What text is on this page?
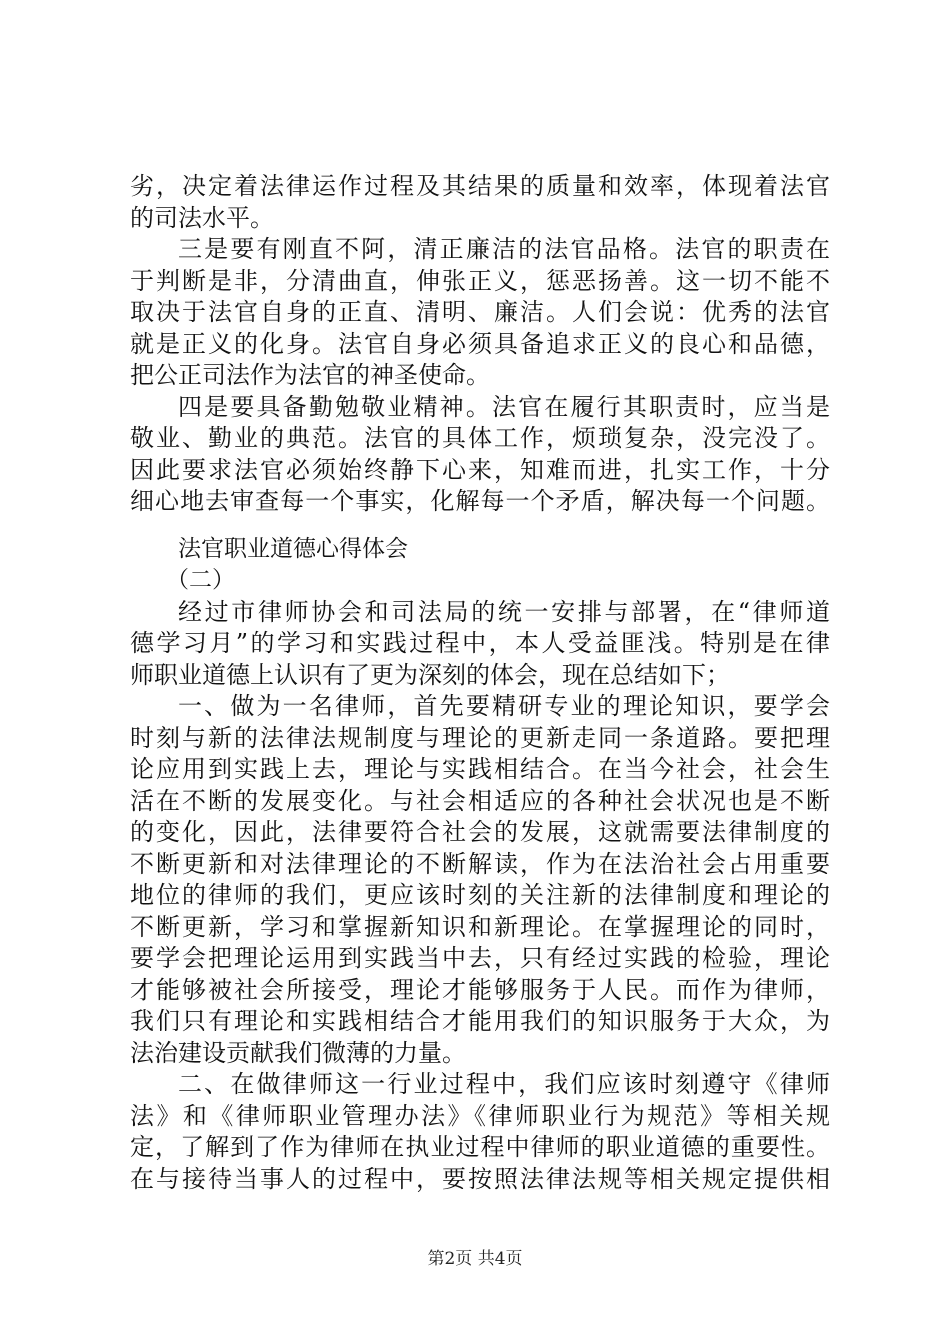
劣，决定着法律运作过程及其结果的质量和效率，体现着法官
的司法水平。
三是要有刚直不阿，清正廉洁的法官品格。法官的职责在
于判断是非，分清曲直，伸张正义，惩恶扬善。这一切不能不
取决于法官自身的正直、清明、廉洁。人们会说：优秀的法官
就是正义的化身。法官自身必须具备追求正义的良心和品德，
把公正司法作为法官的神圣使命。
四是要具备勤勉敬业精神。法官在履行其职责时，应当是
敬业、勤业的典范。法官的具体工作，烦琐复杂，没完没了。
因此要求法官必须始终静下心来，知难而进，扎实工作，十分
细心地去审查每一个事实，化解每一个矛盾，解决每一个问题。
法官职业道德心得体会
（二）
经过市律师协会和司法局的统一安排与部署，在“律师道
德学习月”的学习和实践过程中，本人受益匪浅。特别是在律
师职业道德上认识有了更为深刻的体会，现在总结如下；
一、做为一名律师，首先要精研专业的理论知识，要学会
时刻与新的法律法规制度与理论的更新走同一条道路。要把理
论应用到实践上去，理论与实践相结合。在当今社会，社会生
活在不断的发展变化。与社会相适应的各种社会状况也是不断
的变化，因此，法律要符合社会的发展，这就需要法律制度的
不断更新和对法律理论的不断解读，作为在法治社会占用重要
地位的律师的我们，更应该时刻的关注新的法律制度和理论的
不断更新，学习和掌握新知识和新理论。在掌握理论的同时，
要学会把理论运用到实践当中去，只有经过实践的检验，理论
才能够被社会所接受，理论才能够服务于人民。而作为律师，
我们只有理论和实践相结合才能用我们的知识服务于大众，为
法治建设贡献我们微薄的力量。
二、在做律师这一行业过程中，我们应该时刻遵守《律师
法》和《律师职业管理办法》《律师职业行为规范》等相关规
定，了解到了作为律师在执业过程中律师的职业道德的重要性。
在与接待当事人的过程中，要按照法律法规等相关规定提供相
第2页 共4页
